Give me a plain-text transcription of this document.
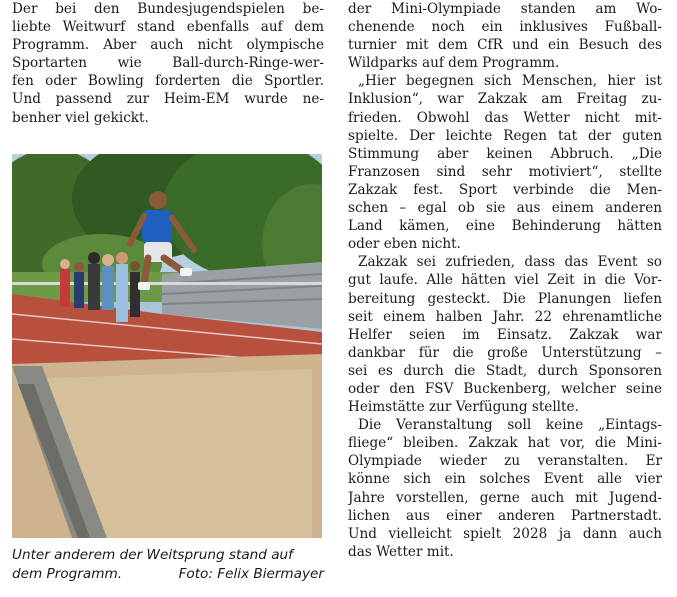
Der bei den Bundesjugendspielen be-
liebte Weitwurf stand ebenfalls auf dem
Programm. Aber auch nicht olympische
Sportarten wie Ball-durch-Ringe-wer-
fen oder Bowling forderten die Sportler.
Und passend zur Heim-EM wurde ne-
benher viel gekickt.
Unter anderem der Weitsprung stand auf
dem Programm.	Foto: Felix Biermayer
der Mini-Olympiade standen am Wo-
chenende noch ein inklusives Fußball-
turnier mit dem CfR und ein Besuch des
Wildparks auf dem Programm.
„Hier begegnen sich Menschen, hier ist
Inklusion“, war Zakzak am Freitag zu-
frieden. Obwohl das Wetter nicht mit-
spielte. Der leichte Regen tat der guten
Stimmung aber keinen Abbruch. „Die
Franzosen sind sehr motiviert“, stellte
Zakzak fest. Sport verbinde die Men-
schen – egal ob sie aus einem anderen
Land kämen, eine Behinderung hätten
oder eben nicht.
Zakzak sei zufrieden, dass das Event so
gut laufe. Alle hätten viel Zeit in die Vor-
bereitung gesteckt. Die Planungen liefen
seit einem halben Jahr. 22 ehrenamtliche
Helfer seien im Einsatz. Zakzak war
dankbar für die große Unterstützung –
sei es durch die Stadt, durch Sponsoren
oder den FSV Buckenberg, welcher seine
Heimstätte zur Verfügung stellte.
Die Veranstaltung soll keine „Eintags-
fliege“ bleiben. Zakzak hat vor, die Mini-
Olympiade wieder zu veranstalten. Er
könne sich ein solches Event alle vier
Jahre vorstellen, gerne auch mit Jugend-
lichen aus einer anderen Partnerstadt.
Und vielleicht spielt 2028 ja dann auch
das Wetter mit.
